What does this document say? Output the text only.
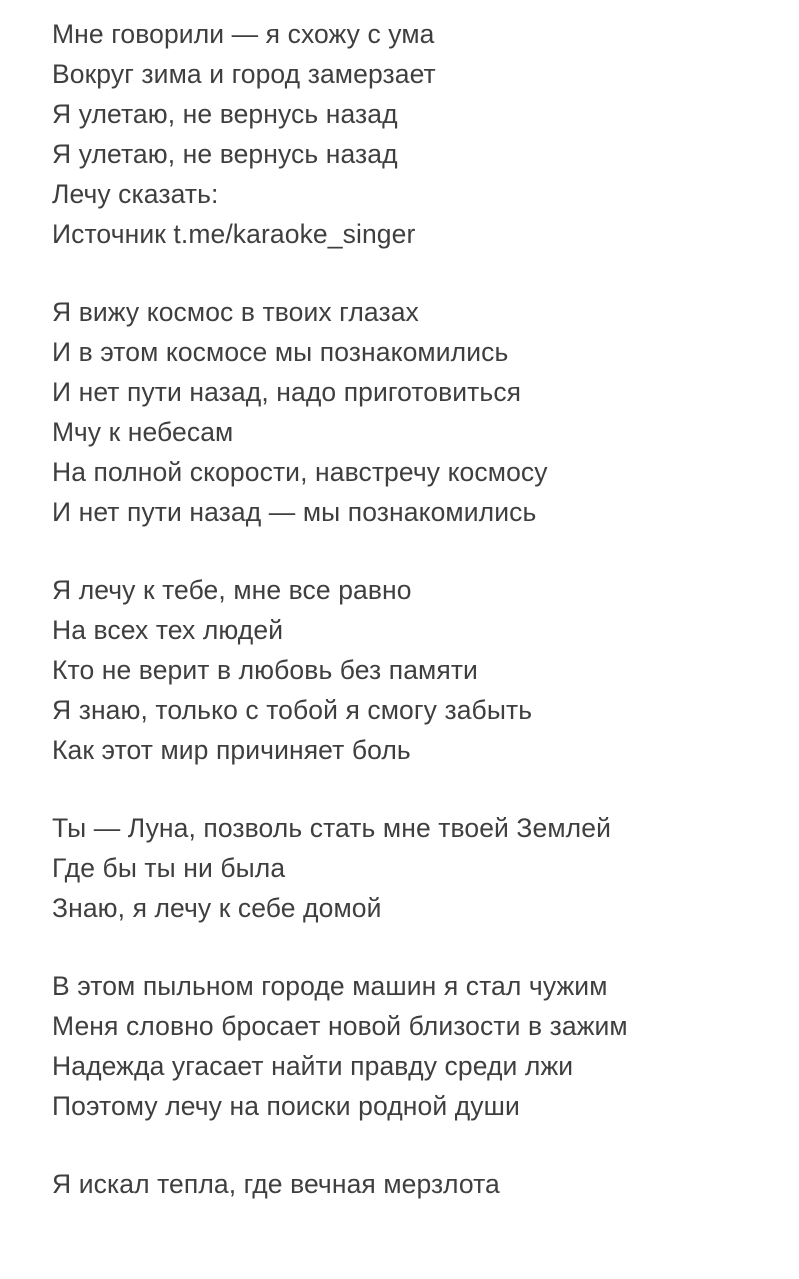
Мне говорили — я схожу с ума
Вокруг зима и город замерзает
Я улетаю, не вернусь назад
Я улетаю, не вернусь назад
Лечу сказать:
Источник t.me/karaoke_singer
Я вижу космос в твоих глазах
И в этом космосе мы познакомились
И нет пути назад, надо приготовиться
Мчу к небесам
На полной скорости, навстречу космосу
И нет пути назад — мы познакомились
Я лечу к тебе, мне все равно
На всех тех людей
Кто не верит в любовь без памяти
Я знаю, только с тобой я смогу забыть
Как этот мир причиняет боль
Ты — Луна, позволь стать мне твоей Землей
Где бы ты ни была
Знаю, я лечу к себе домой
В этом пыльном городе машин я стал чужим
Меня словно бросает новой близости в зажим
Надежда угасает найти правду среди лжи
Поэтому лечу на поиски родной души
Я искал тепла, где вечная мерзлота
